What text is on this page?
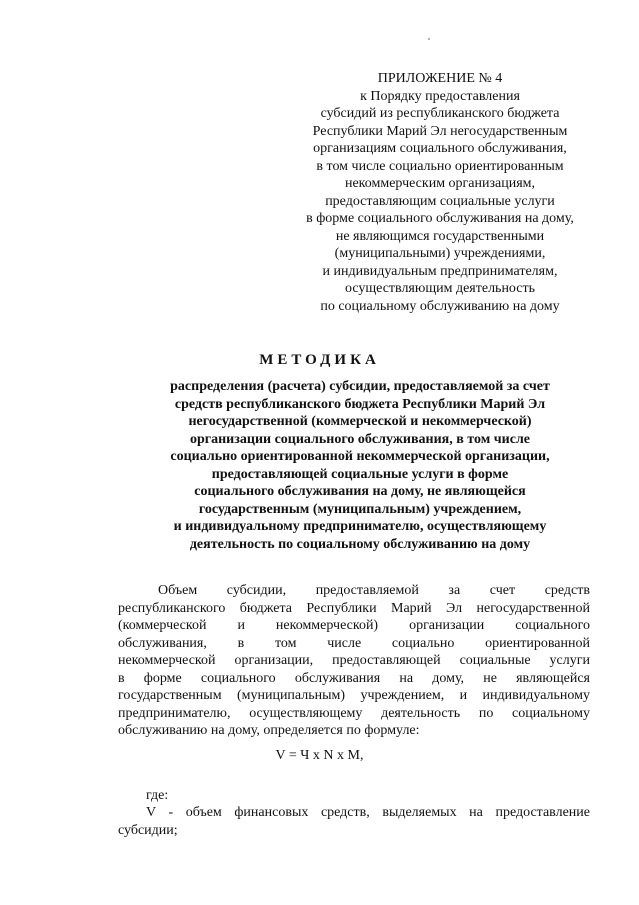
ПРИЛОЖЕНИЕ № 4
к Порядку предоставления
субсидий из республиканского бюджета
Республики Марий Эл негосударственным
организациям социального обслуживания,
в том числе социально ориентированным
некоммерческим организациям,
предоставляющим социальные услуги
в форме социального обслуживания на дому,
не являющимся государственными
(муниципальными) учреждениями,
и индивидуальным предпринимателям,
осуществляющим деятельность
по социальному обслуживанию на дому
МЕТОДИКА
распределения (расчета) субсидии, предоставляемой за счет
средств республиканского бюджета Республики Марий Эл
негосударственной (коммерческой и некоммерческой)
организации социального обслуживания, в том числе
социально ориентированной некоммерческой организации,
предоставляющей социальные услуги в форме
социального обслуживания на дому, не являющейся
государственным (муниципальным) учреждением,
и индивидуальному предпринимателю, осуществляющему
деятельность по социальному обслуживанию на дому
Объем субсидии, предоставляемой за счет средств
республиканского бюджета Республики Марий Эл негосударственной
(коммерческой и некоммерческой) организации социального
обслуживания, в том числе социально ориентированной
некоммерческой организации, предоставляющей социальные услуги
в форме социального обслуживания на дому, не являющейся
государственным (муниципальным) учреждением, и индивидуальному
предпринимателю, осуществляющему деятельность по социальному
обслуживанию на дому, определяется по формуле:
V = Ч x N x M,
где:
V - объем финансовых средств, выделяемых на предоставление
субсидии;
